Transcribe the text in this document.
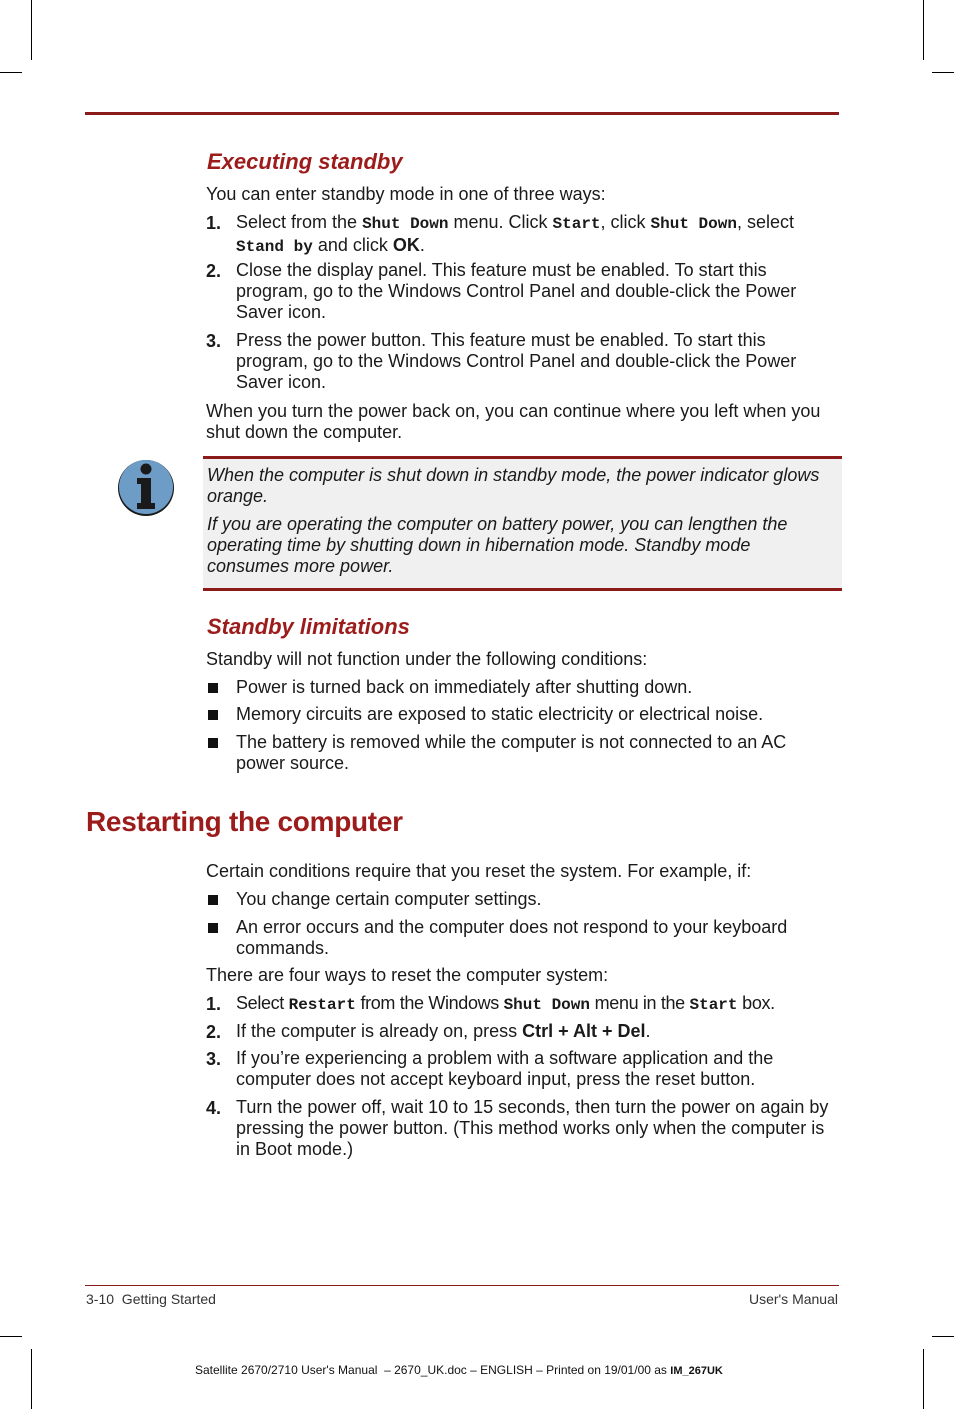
Executing standby

You can enter standby mode in one of three ways:

1. Select from the Shut Down menu. Click Start, click Shut Down, select Stand by and click OK.
2. Close the display panel. This feature must be enabled. To start this program, go to the Windows Control Panel and double-click the Power Saver icon.
3. Press the power button. This feature must be enabled. To start this program, go to the Windows Control Panel and double-click the Power Saver icon.

When you turn the power back on, you can continue where you left when you shut down the computer.

When the computer is shut down in standby mode, the power indicator glows orange.

If you are operating the computer on battery power, you can lengthen the operating time by shutting down in hibernation mode. Standby mode consumes more power.

Standby limitations

Standby will not function under the following conditions:

Power is turned back on immediately after shutting down.
Memory circuits are exposed to static electricity or electrical noise.
The battery is removed while the computer is not connected to an AC power source.
Restarting the computer

Certain conditions require that you reset the system. For example, if:

You change certain computer settings.
An error occurs and the computer does not respond to your keyboard commands.

There are four ways to reset the computer system:

1. Select Restart from the Windows Shut Down menu in the Start box.
2. If the computer is already on, press Ctrl + Alt + Del.
3. If you’re experiencing a problem with a software application and the computer does not accept keyboard input, press the reset button.
4. Turn the power off, wait 10 to 15 seconds, then turn the power on again by pressing the power button. (This method works only when the computer is in Boot mode.)
3-10  Getting Started	User's Manual
Satellite 2670/2710 User's Manual  – 2670_UK.doc – ENGLISH – Printed on 19/01/00 as IM_267UK
